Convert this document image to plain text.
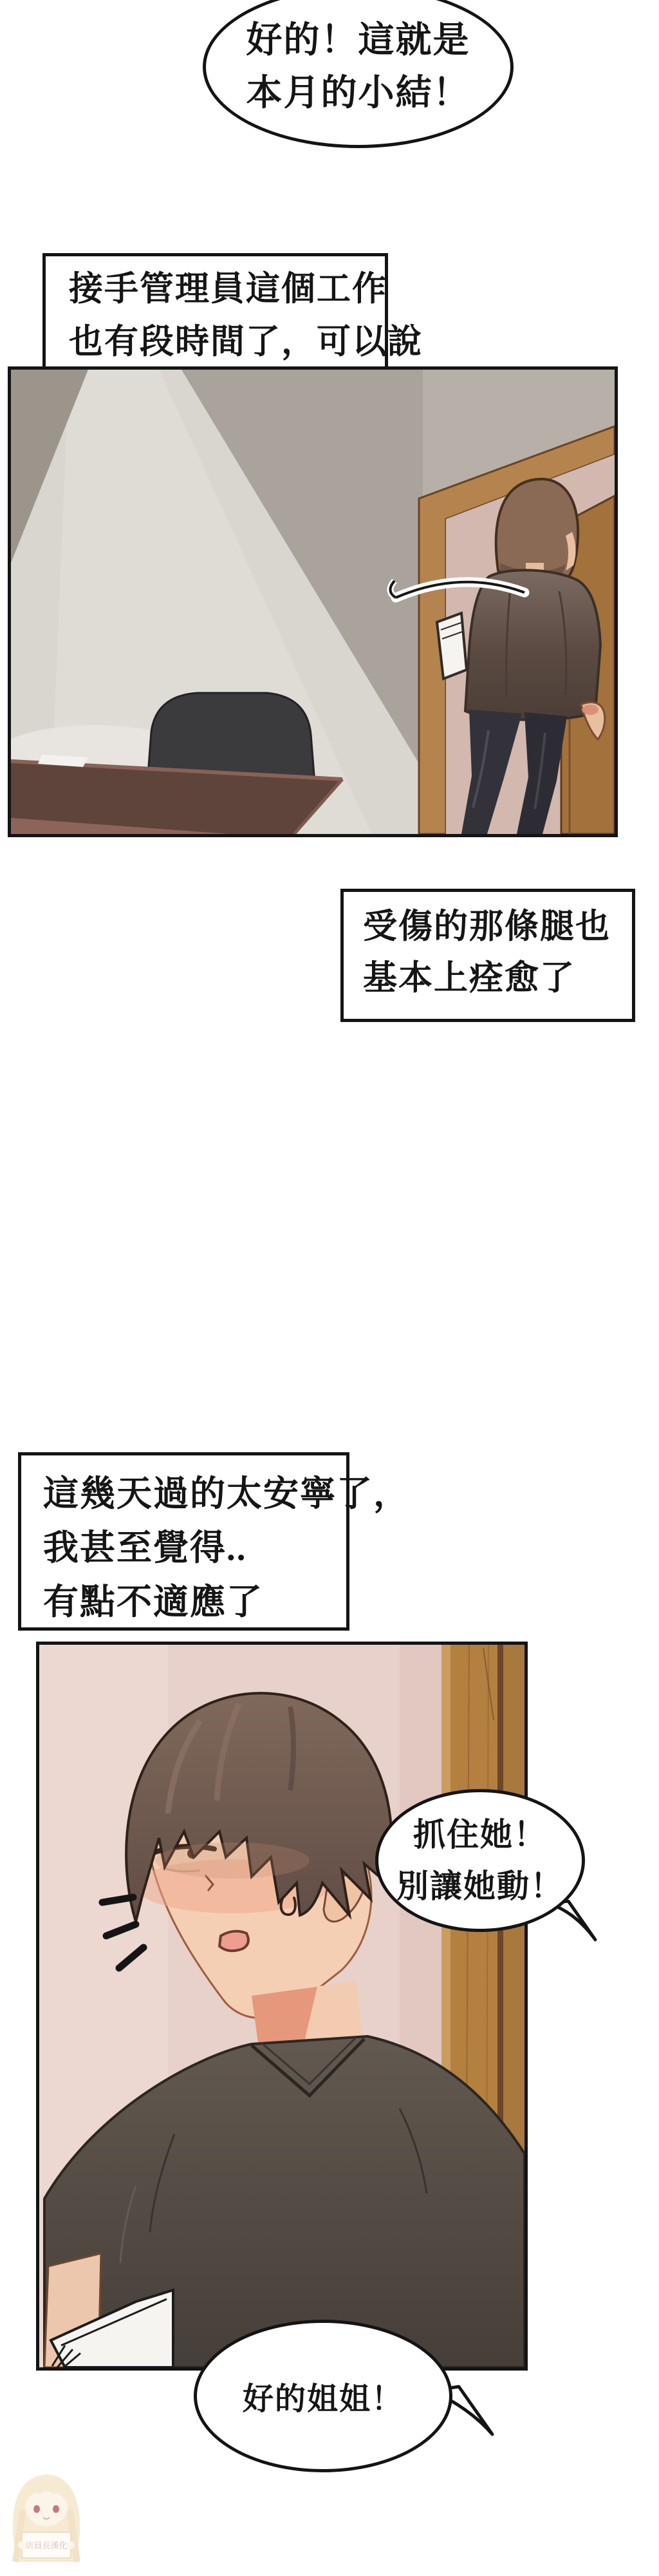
好的！這就是
本月的小結！
接手管理員這個工作
也有段時間了，可以說
受傷的那條腿也
基本上痊愈了
這幾天過的太安寧了，
我甚至覺得..
有點不適應了
抓住她！
別讓她動！
好的姐姐！
店員長漢化
